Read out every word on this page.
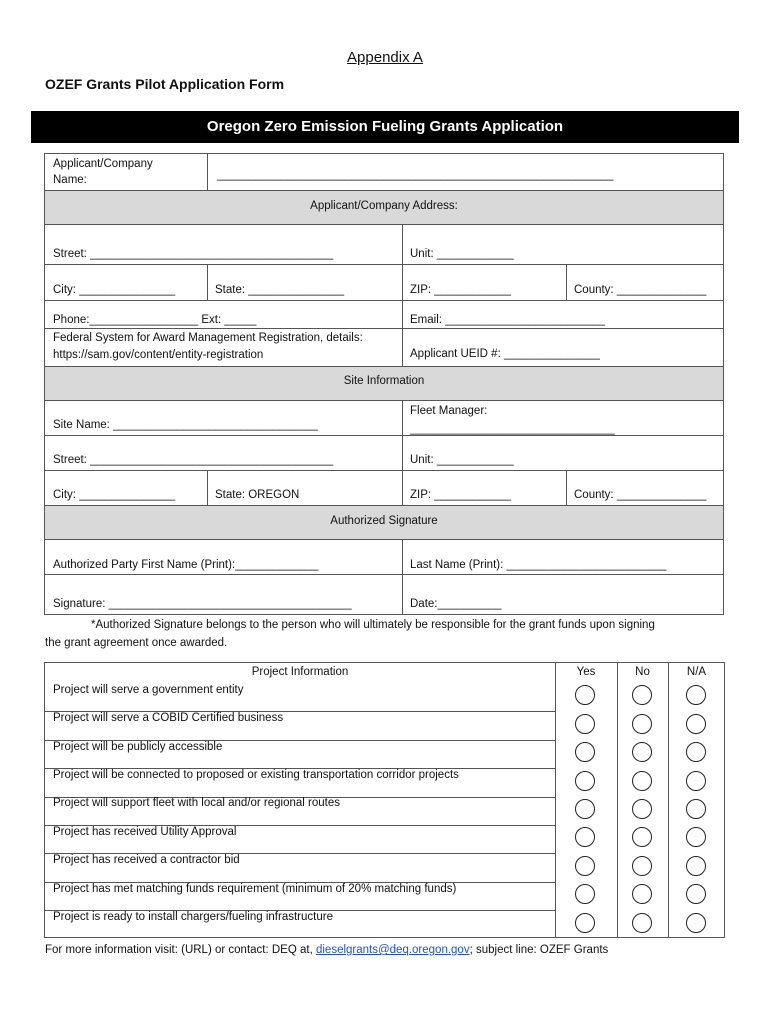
Appendix A
OZEF Grants Pilot Application Form
Oregon Zero Emission Fueling Grants Application
Applicant/Company
Name:	______________________________________________________________
Applicant/Company Address:
Street: ______________________________________	Unit: ____________
City: _______________	State: _______________	ZIP: ____________	County: ______________
Phone:_________________ Ext: _____	Email: _________________________
Federal System for Award Management Registration, details:
https://sam.gov/content/entity-registration	Applicant UEID #: _______________
Site Information
Site Name: ________________________________
Fleet Manager:
________________________________
Street: ______________________________________	Unit: ____________
City: _______________	State: OREGON	ZIP: ____________	County: ______________
Authorized Signature
Authorized Party First Name (Print):_____________	Last Name (Print): _________________________
Signature: ______________________________________	Date:__________
*Authorized Signature belongs to the person who will ultimately be responsible for the grant funds upon signing
the grant agreement once awarded.
Project Information	Yes	No	N/A
Project will serve a government entity
Project will serve a COBID Certified business
Project will be publicly accessible
Project will be connected to proposed or existing transportation corridor projects
Project will support fleet with local and/or regional routes
Project has received Utility Approval
Project has received a contractor bid
Project has met matching funds requirement (minimum of 20% matching funds)
Project is ready to install chargers/fueling infrastructure
For more information visit: (URL) or contact: DEQ at, dieselgrants@deq.oregon.gov; subject line: OZEF Grants
